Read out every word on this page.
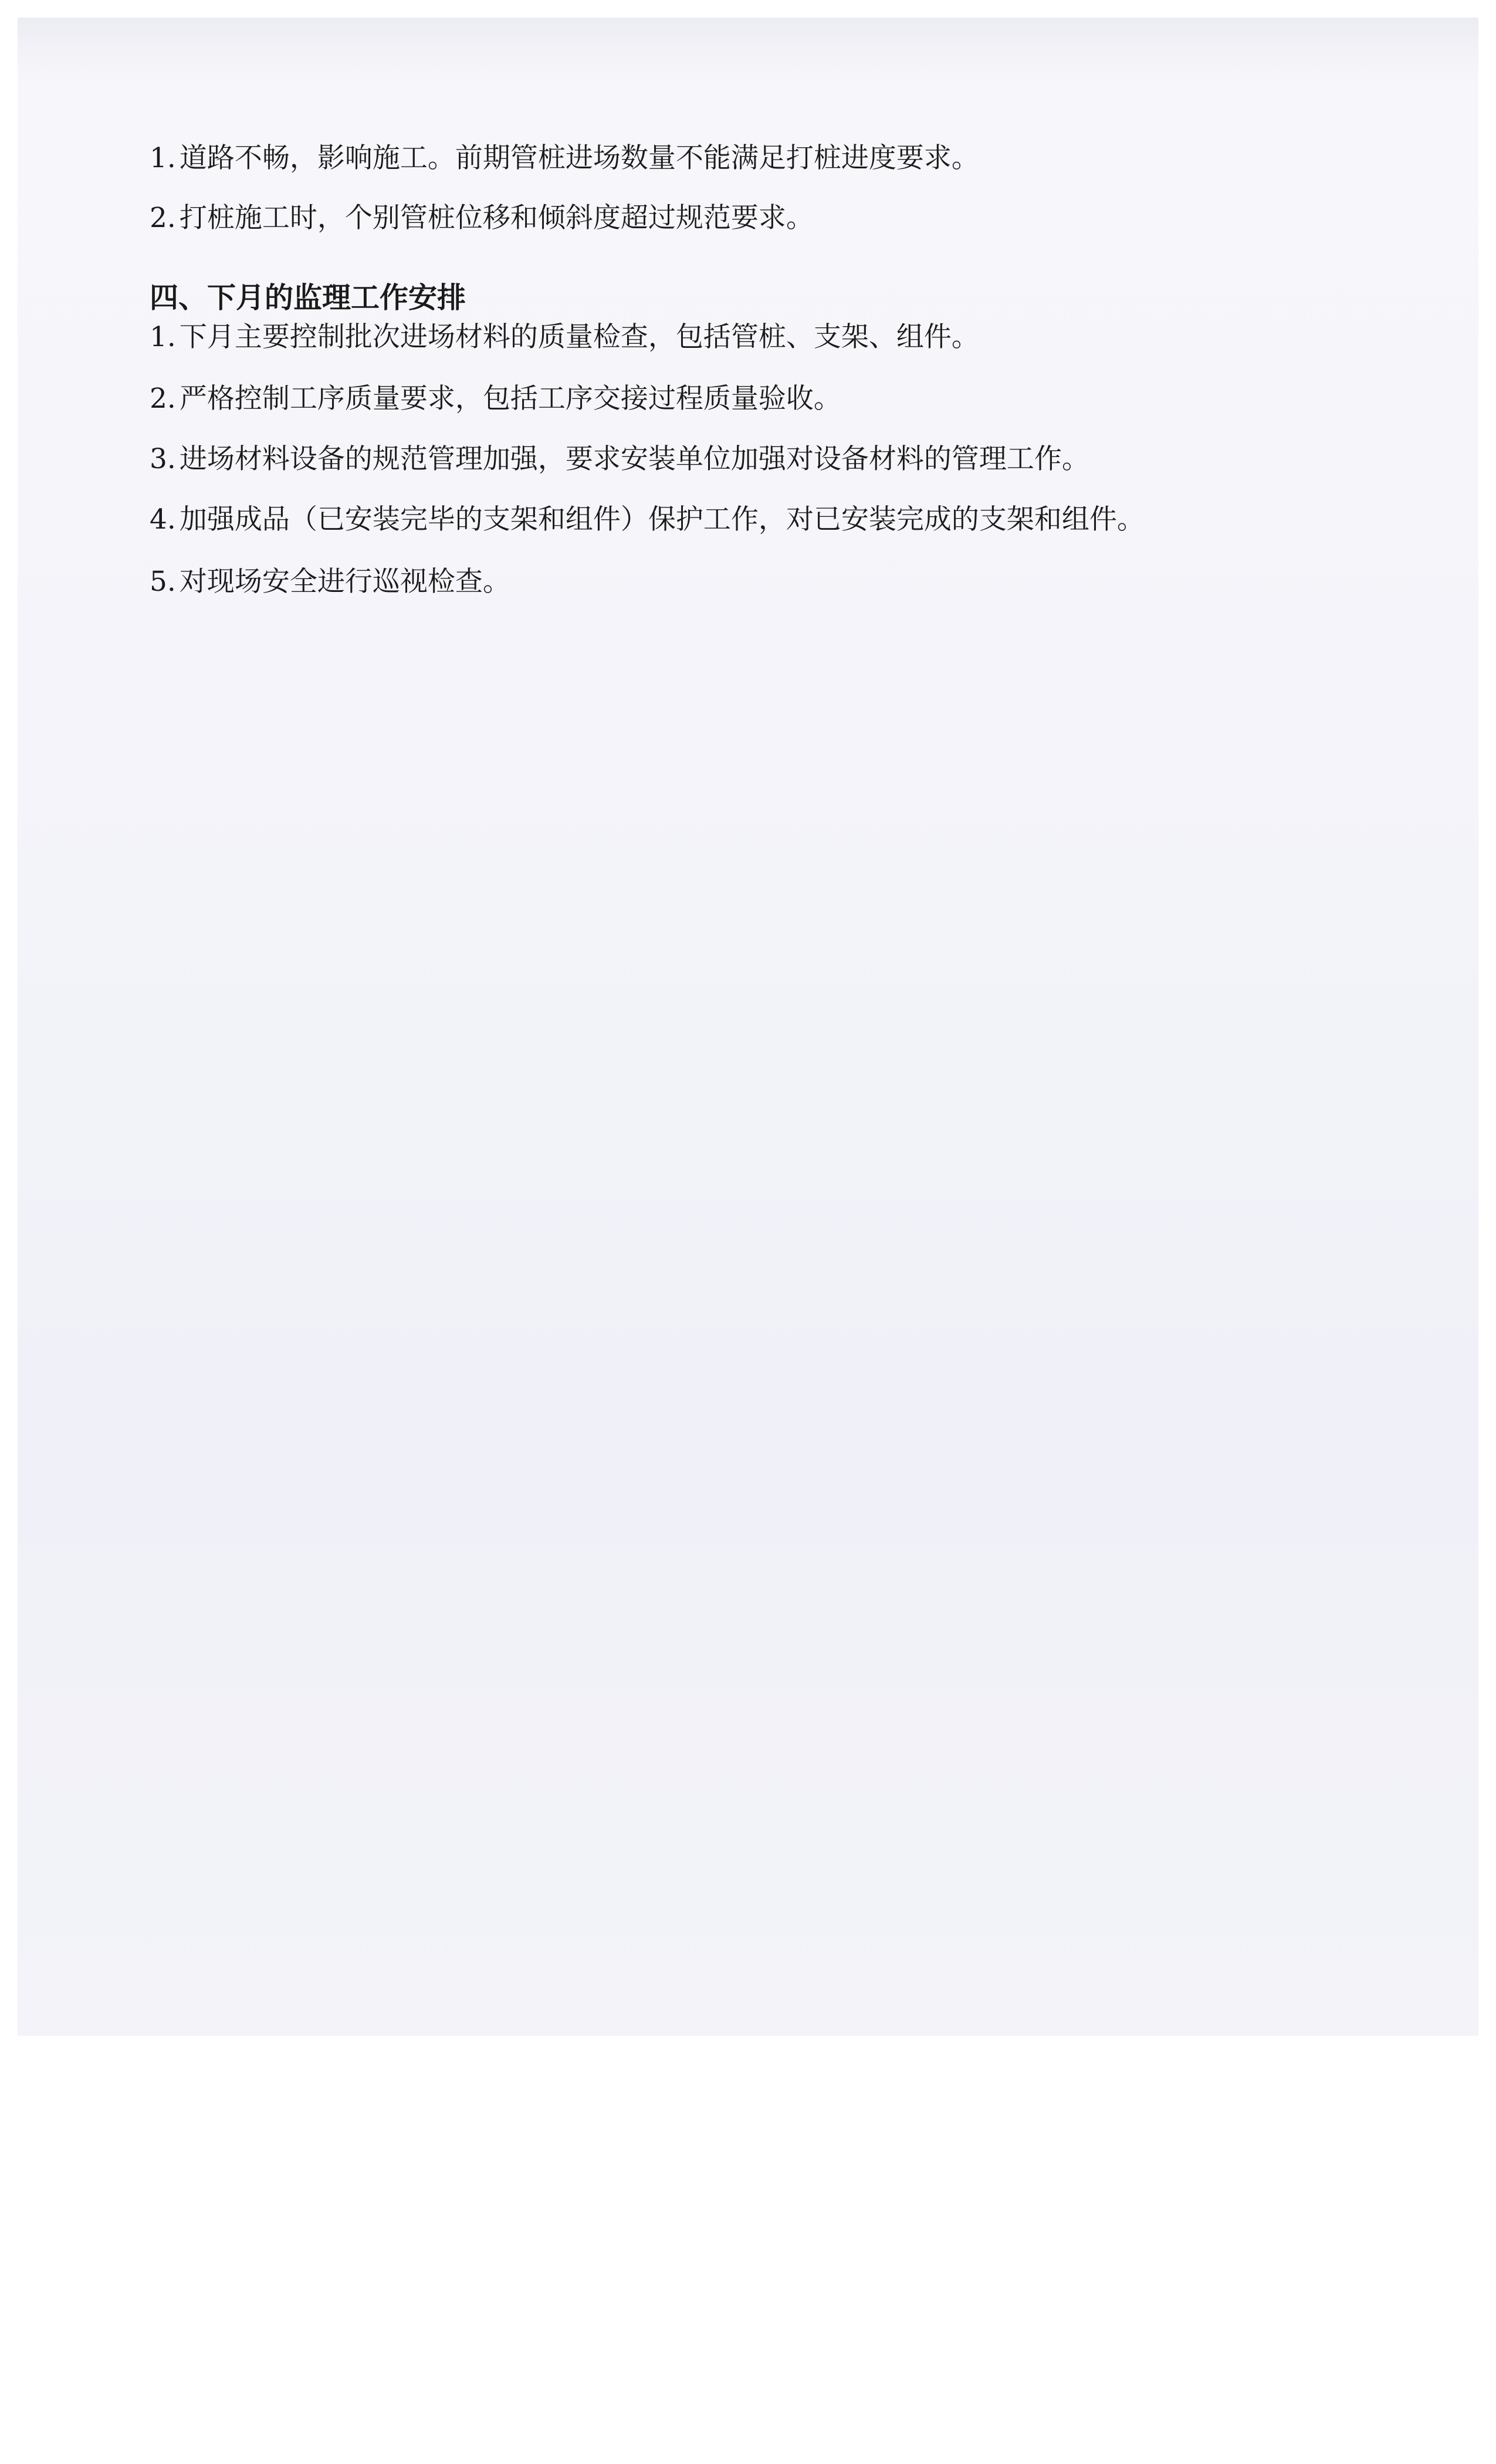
1. 道路不畅，影响施工。前期管桩进场数量不能满足打桩进度要求。

2. 打桩施工时，个别管桩位移和倾斜度超过规范要求。

四、下月的监理工作安排

1. 下月主要控制批次进场材料的质量检查，包括管桩、支架、组件。

2. 严格控制工序质量要求，包括工序交接过程质量验收。

3. 进场材料设备的规范管理加强，要求安装单位加强对设备材料的管理工作。

4. 加强成品（已安装完毕的支架和组件）保护工作，对已安装完成的支架和组件。

5. 对现场安全进行巡视检查。
